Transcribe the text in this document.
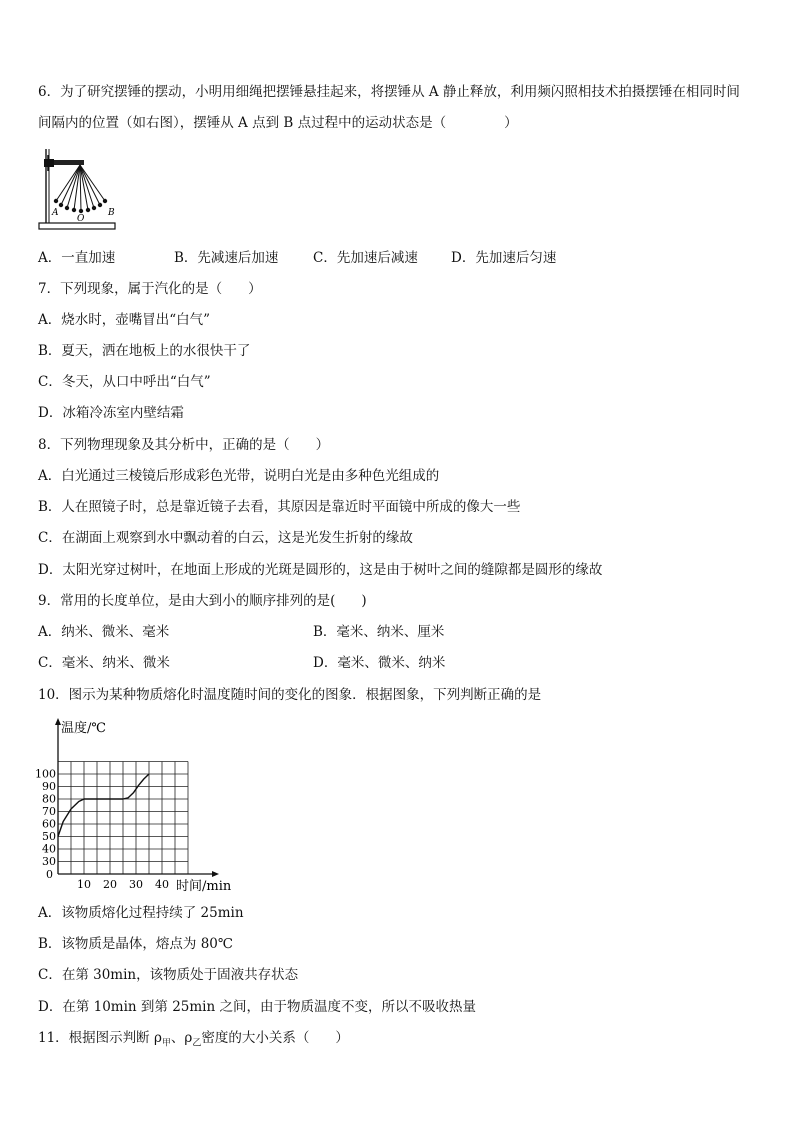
6．为了研究摆锤的摆动，小明用细绳把摆锤悬挂起来，将摆锤从 A 静止释放，利用频闪照相技术拍摄摆锤在相同时间
间隔内的位置（如右图），摆锤从 A 点到 B 点过程中的运动状态是（	）
A
O
B
A．一直加速	B．先减速后加速	C．先加速后减速 D．先加速后匀速
7．下列现象，属于汽化的是（ ）
A．烧水时，壶嘴冒出“白气”
B．夏天，洒在地板上的水很快干了
C．冬天，从口中呼出“白气”
D．冰箱冷冻室内壁结霜
8．下列物理现象及其分析中，正确的是（ ）
A．白光通过三棱镜后形成彩色光带，说明白光是由多种色光组成的
B．人在照镜子时，总是靠近镜子去看，其原因是靠近时平面镜中所成的像大一些
C．在湖面上观察到水中飘动着的白云，这是光发生折射的缘故
D．太阳光穿过树叶，在地面上形成的光斑是圆形的，这是由于树叶之间的缝隙都是圆形的缘故
9．常用的长度单位，是由大到小的顺序排列的是( )
A．纳米、微米、毫米	B．毫米、纳米、厘米
C．毫米、纳米、微米	D．毫米、微米、纳米
10．图示为某种物质熔化时温度随时间的变化的图象．根据图象，下列判断正确的是
30
40
50
60
70
80
90
100
10 20 30 40
0
温度/℃
时间/min
A．该物质熔化过程持续了 25min
B．该物质是晶体，熔点为 80℃
C．在第 30min，该物质处于固液共存状态
D．在第 10min 到第 25min 之间，由于物质温度不变，所以不吸收热量
11．根据图示判断 $\rho_甲$、$\rho_乙$密度的大小关系（ ）
